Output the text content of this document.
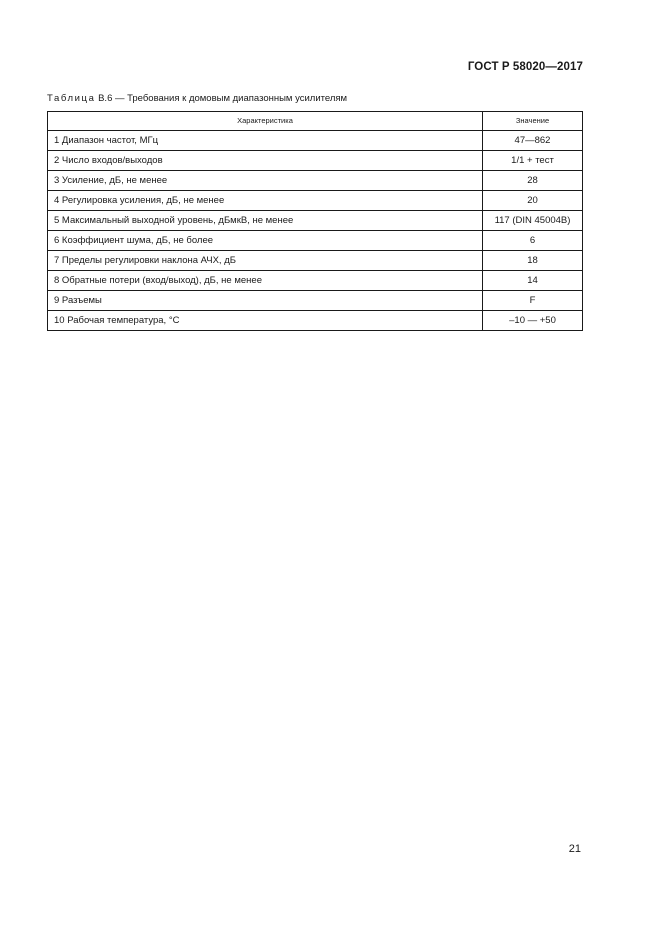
ГОСТ Р 58020—2017
Таблица В.6 — Требования к домовым диапазонным усилителям
Характеристика	Значение
1 Диапазон частот, МГц	47—862
2 Число входов/выходов	1/1 + тест
3 Усиление, дБ, не менее	28
4 Регулировка усиления, дБ, не менее	20
5 Максимальный выходной уровень, дБмкВ, не менее	117 (DIN 45004B)
6 Коэффициент шума, дБ, не более	6
7 Пределы регулировки наклона АЧХ, дБ	18
8 Обратные потери (вход/выход), дБ, не менее	14
9 Разъемы	F
10 Рабочая температура, °С	–10 — +50
21
